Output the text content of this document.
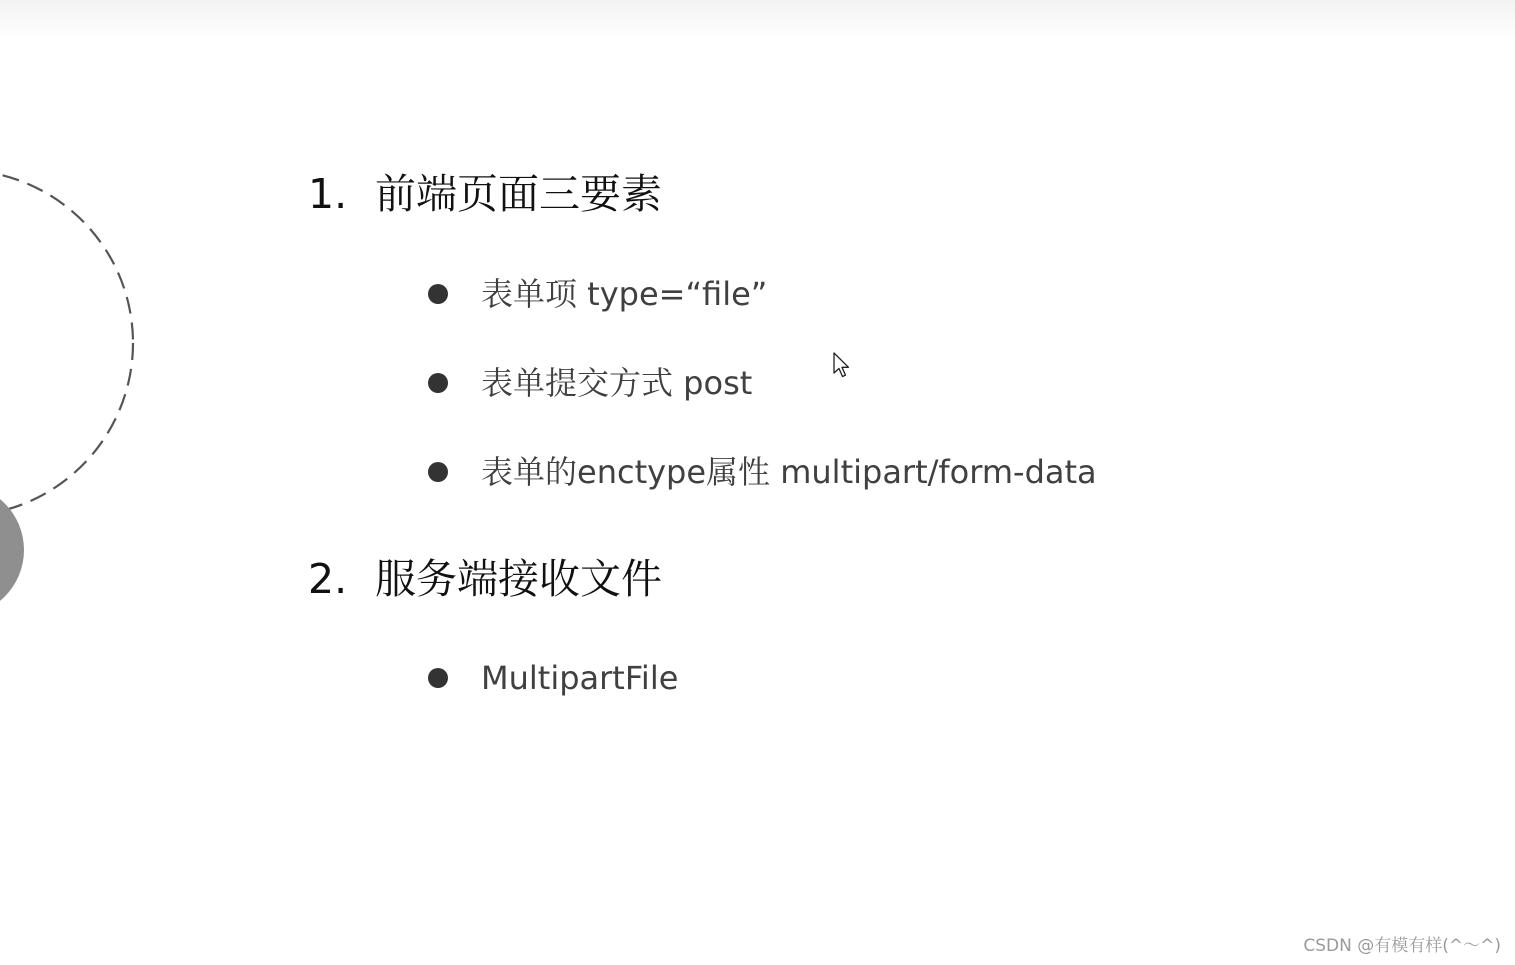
1. 前端页面三要素
表单项 type=“file”
表单提交方式 post
表单的enctype属性 multipart/form-data
2. 服务端接收文件
MultipartFile
CSDN @有模有样(^～^)
